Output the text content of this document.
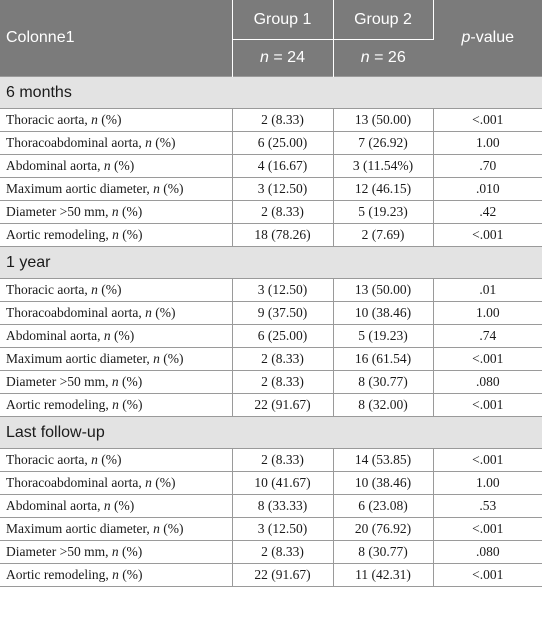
Colonne1	Group 1	Group 2	p-value
	n = 24	n = 26	
6 months			
Thoracic aorta, n (%)	2 (8.33)	13 (50.00)	<.001
Thoracoabdominal aorta, n (%)	6 (25.00)	7 (26.92)	1.00
Abdominal aorta, n (%)	4 (16.67)	3 (11.54%)	.70
Maximum aortic diameter, n (%)	3 (12.50)	12 (46.15)	.010
Diameter >50 mm, n (%)	2 (8.33)	5 (19.23)	.42
Aortic remodeling, n (%)	18 (78.26)	2 (7.69)	<.001
1 year			
Thoracic aorta, n (%)	3 (12.50)	13 (50.00)	.01
Thoracoabdominal aorta, n (%)	9 (37.50)	10 (38.46)	1.00
Abdominal aorta, n (%)	6 (25.00)	5 (19.23)	.74
Maximum aortic diameter, n (%)	2 (8.33)	16 (61.54)	<.001
Diameter >50 mm, n (%)	2 (8.33)	8 (30.77)	.080
Aortic remodeling, n (%)	22 (91.67)	8 (32.00)	<.001
Last follow-up			
Thoracic aorta, n (%)	2 (8.33)	14 (53.85)	<.001
Thoracoabdominal aorta, n (%)	10 (41.67)	10 (38.46)	1.00
Abdominal aorta, n (%)	8 (33.33)	6 (23.08)	.53
Maximum aortic diameter, n (%)	3 (12.50)	20 (76.92)	<.001
Diameter >50 mm, n (%)	2 (8.33)	8 (30.77)	.080
Aortic remodeling, n (%)	22 (91.67)	11 (42.31)	<.001
